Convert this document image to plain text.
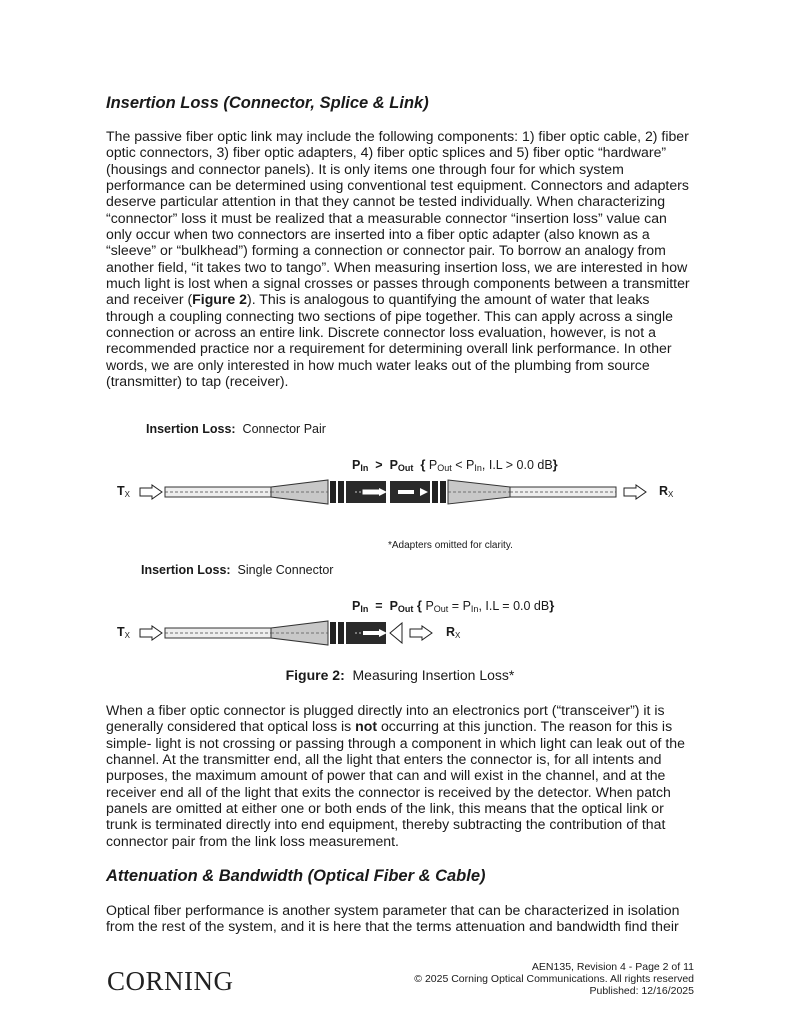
Insertion Loss (Connector, Splice & Link)

The passive fiber optic link may include the following components: 1) fiber optic cable, 2) fiber optic connectors, 3) fiber optic adapters, 4) fiber optic splices and 5) fiber optic “hardware” (housings and connector panels). It is only items one through four for which system performance can be determined using conventional test equipment. Connectors and adapters deserve particular attention in that they cannot be tested individually. When characterizing “connector” loss it must be realized that a measurable connector “insertion loss” value can only occur when two connectors are inserted into a fiber optic adapter (also known as a “sleeve” or “bulkhead”) forming a connection or connector pair. To borrow an analogy from another field, “it takes two to tango”. When measuring insertion loss, we are interested in how much light is lost when a signal crosses or passes through components between a transmitter and receiver (Figure 2). This is analogous to quantifying the amount of water that leaks through a coupling connecting two sections of pipe together. This can apply across a single connection or across an entire link. Discrete connector loss evaluation, however, is not a recommended practice nor a requirement for determining overall link performance. In other words, we are only interested in how much water leaks out of the plumbing from source (transmitter) to tap (receiver).

Insertion Loss: Connector Pair
$P_{In} > P_{Out}$ { $P_{Out} < P_{In}$, I.L > 0.0 dB}
$T_X$	$R_X$
*Adapters omitted for clarity.
Insertion Loss: Single Connector
$P_{In} = P_{Out}$ { $P_{Out} = P_{In}$, I.L = 0.0 dB}
$T_X$	$R_X$
Figure 2: Measuring Insertion Loss*

When a fiber optic connector is plugged directly into an electronics port (“transceiver”) it is generally considered that optical loss is not occurring at this junction. The reason for this is simple- light is not crossing or passing through a component in which light can leak out of the channel. At the transmitter end, all the light that enters the connector is, for all intents and purposes, the maximum amount of power that can and will exist in the channel, and at the receiver end all of the light that exits the connector is received by the detector. When patch panels are omitted at either one or both ends of the link, this means that the optical link or trunk is terminated directly into end equipment, thereby subtracting the contribution of that connector pair from the link loss measurement.

Attenuation & Bandwidth (Optical Fiber & Cable)

Optical fiber performance is another system parameter that can be characterized in isolation from the rest of the system, and it is here that the terms attenuation and bandwidth find their

CORNING	AEN135, Revision 4 - Page 2 of 11
© 2025 Corning Optical Communications. All rights reserved
Published: 12/16/2025
